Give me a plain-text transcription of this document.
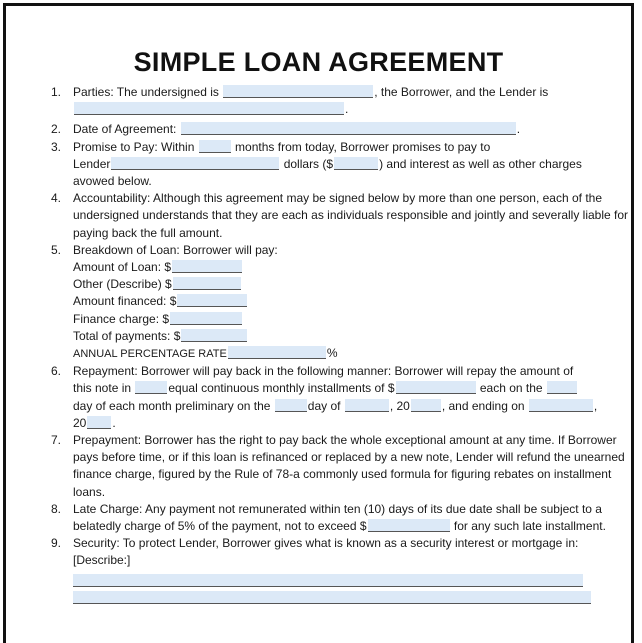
SIMPLE LOAN AGREEMENT
1. Parties: The undersigned is	, the Borrower, and the Lender is
.
2. Date of Agreement:	.
3. Promise to Pay: Within	months from today, Borrower promises to pay to
Lender	dollars ($	) and interest as well as other charges
avowed below.
4. Accountability: Although this agreement may be signed below by more than one person, each of the undersigned understands that they are each as individuals responsible and jointly and severally liable for paying back the full amount.
5. Breakdown of Loan: Borrower will pay:
Amount of Loan: $
Other (Describe) $
Amount financed: $
Finance charge: $
Total of payments: $
ANNUAL PERCENTAGE RATE	%
6. Repayment: Borrower will pay back in the following manner: Borrower will repay the amount of
this note in	equal continuous monthly installments of $	each on the
day of each month preliminary on the	day of	, 20	, and ending on	,
20 .
7. Prepayment: Borrower has the right to pay back the whole exceptional amount at any time. If Borrower pays before time, or if this loan is refinanced or replaced by a new note, Lender will refund the unearned finance charge, figured by the Rule of 78-a commonly used formula for figuring rebates on installment loans.
8. Late Charge: Any payment not remunerated within ten (10) days of its due date shall be subject to a belatedly charge of 5% of the payment, not to exceed $	for any such late installment.
9. Security: To protect Lender, Borrower gives what is known as a security interest or mortgage in: [Describe:]
